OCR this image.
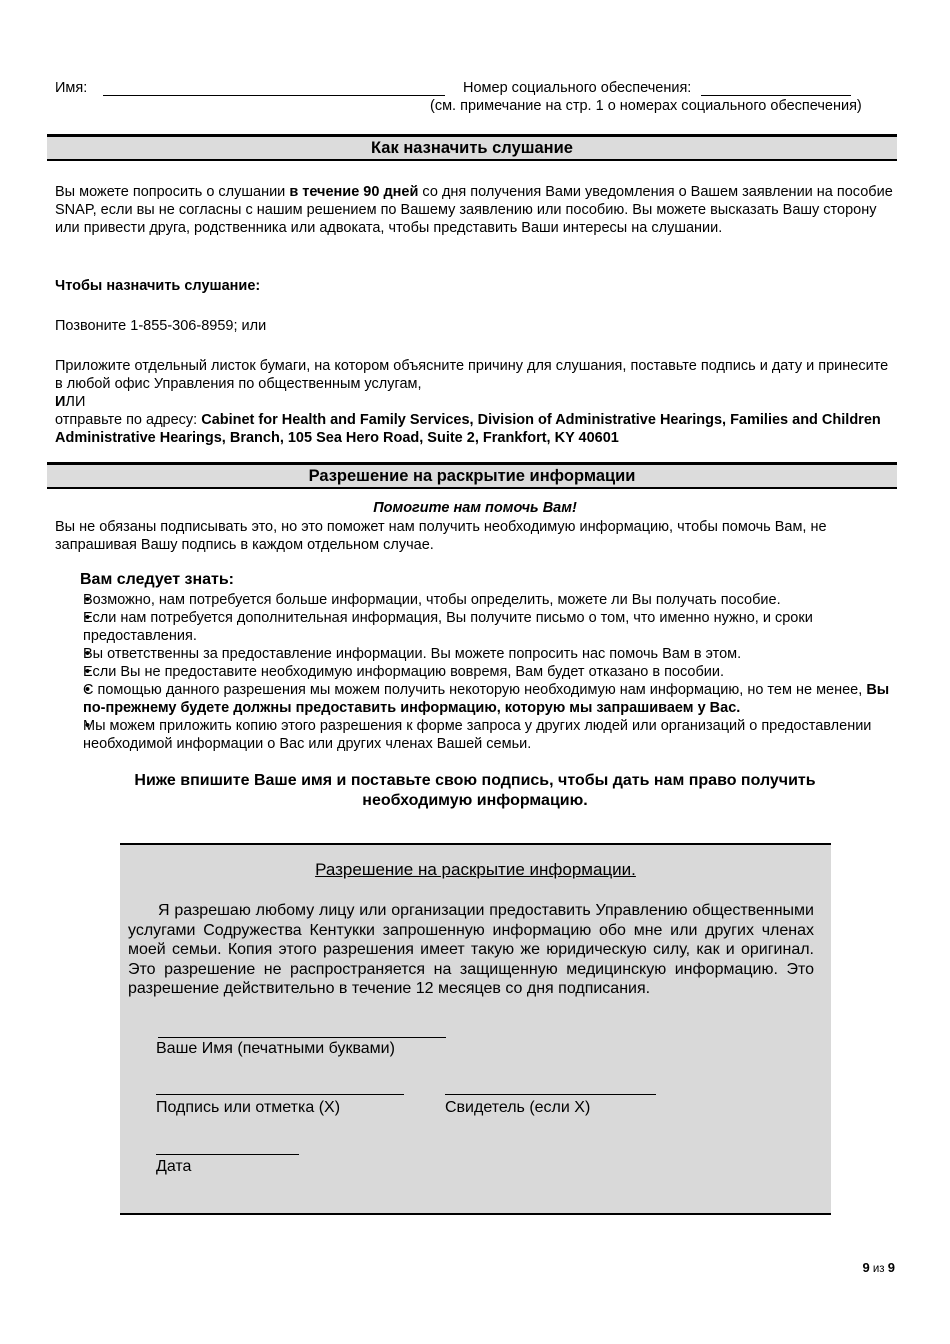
Имя:	Номер социального обеспечения:
(см. примечание на стр. 1 о номерах социального обеспечения)
Как назначить слушание
Вы можете попросить о слушании в течение 90 дней со дня получения Вами уведомления о Вашем заявлении на пособие SNAP, если вы не согласны с нашим решением по Вашему заявлению или пособию. Вы можете высказать Вашу сторону или привести друга, родственника или адвоката, чтобы представить Ваши интересы на слушании.
Чтобы назначить слушание:
Позвоните 1-855-306-8959; или

Приложите отдельный листок бумаги, на котором объясните причину для слушания, поставьте подпись и дату и принесите в любой офис Управления по общественным услугам,

ИЛИ

отправьте по адресу: Cabinet for Health and Family Services, Division of Administrative Hearings, Families and Children Administrative Hearings, Branch, 105 Sea Hero Road, Suite 2, Frankfort, KY 40601

Разрешение на раскрытие информации
Помогите нам помочь Вам!
Вы не обязаны подписывать это, но это поможет нам получить необходимую информацию, чтобы помочь Вам, не запрашивая Вашу подпись в каждом отдельном случае.
Вам следует знать:
• Возможно, нам потребуется больше информации, чтобы определить, можете ли Вы получать пособие.
• Если нам потребуется дополнительная информация, Вы получите письмо о том, что именно нужно, и сроки предоставления.
• Вы ответственны за предоставление информации. Вы можете попросить нас помочь Вам в этом.
• Если Вы не предоставите необходимую информацию вовремя, Вам будет отказано в пособии.
• С помощью данного разрешения мы можем получить некоторую необходимую нам информацию, но тем не менее, Вы по-прежнему будете должны предоставить информацию, которую мы запрашиваем у Вас.
• Мы можем приложить копию этого разрешения к форме запроса у других людей или организаций о предоставлении необходимой информации о Вас или других членах Вашей семьи.

Ниже впишите Ваше имя и поставьте свою подпись, чтобы дать нам право получить

необходимую информацию.

Разрешение на раскрытие информации.
Я разрешаю любому лицу или организации предоставить Управлению общественными услугами Содружества Кентукки запрошенную информацию обо мне или других членах моей семьи. Копия этого разрешения имеет такую же юридическую силу, как и оригинал. Это разрешение не распространяется на защищенную медицинскую информацию. Это разрешение действительно в течение 12 месяцев со дня подписания.
Ваше Имя (печатными буквами)
Подпись или отметка (X)	Свидетель (если X)
Дата
9 из 9
